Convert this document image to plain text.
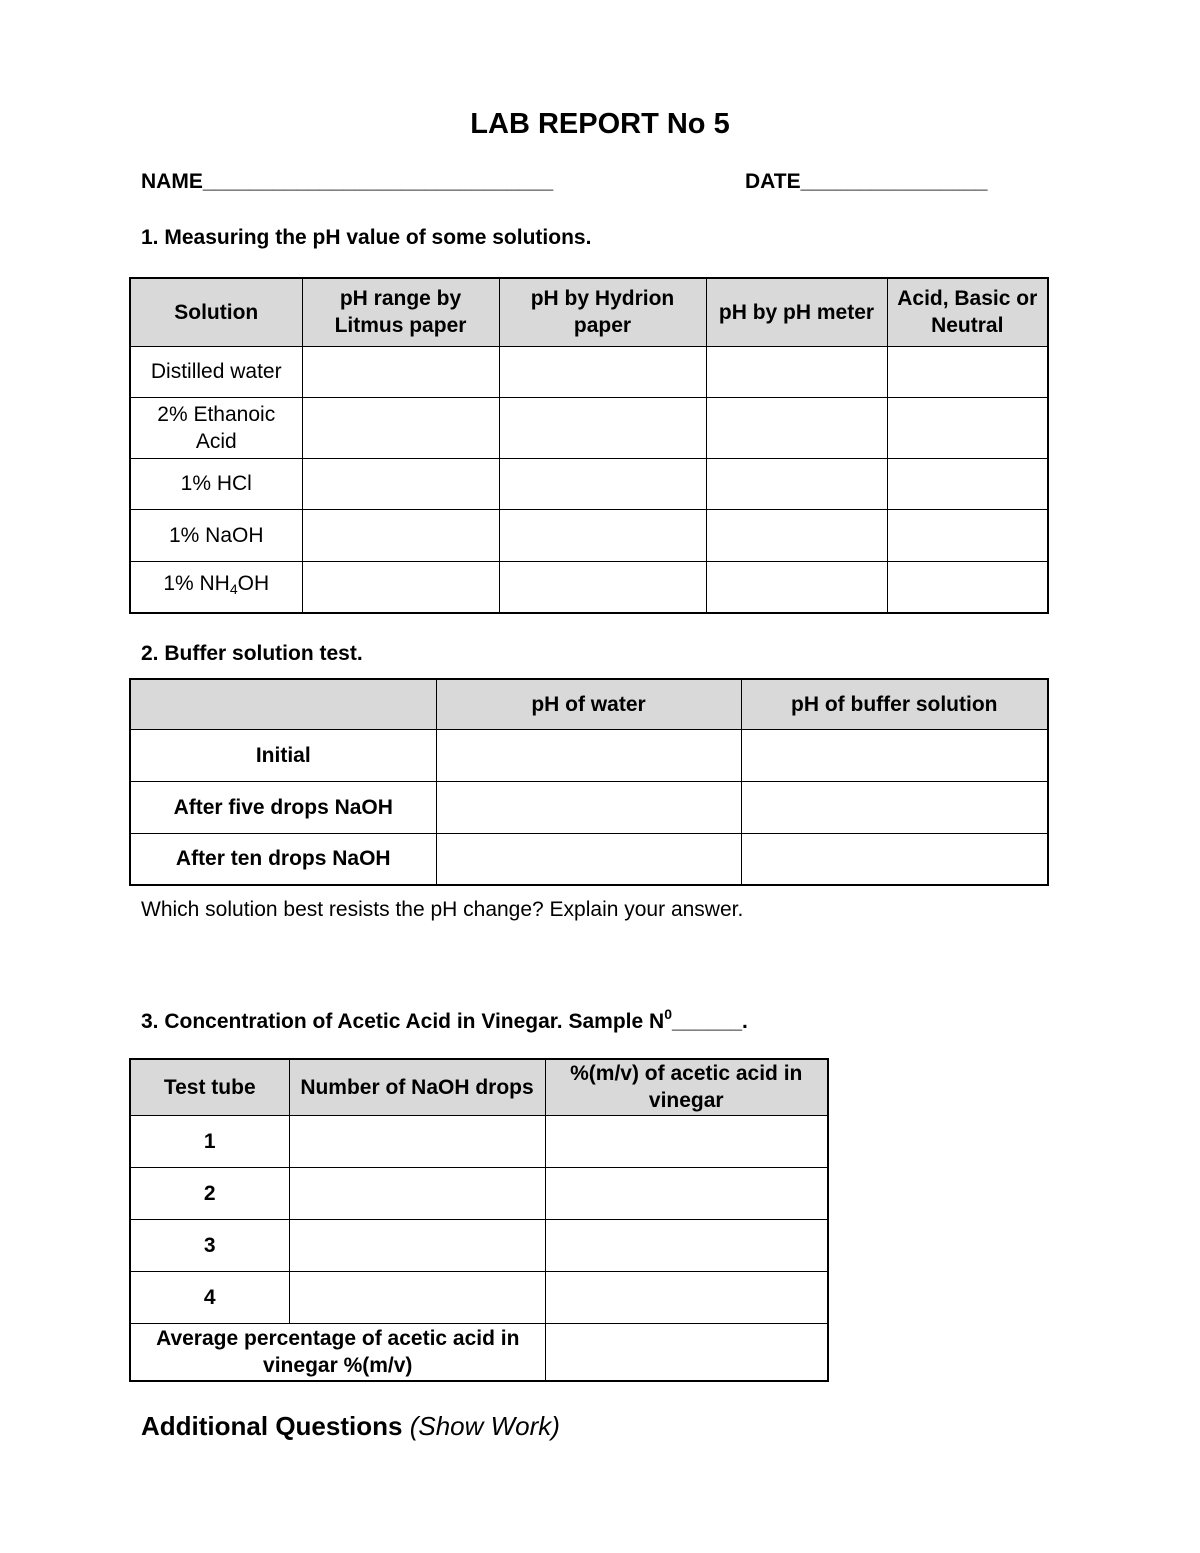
LAB REPORT No 5
NAME______________________________	DATE________________
1. Measuring the pH value of some solutions.
Solution	pH range by Litmus paper	pH by Hydrion paper	pH by pH meter	Acid, Basic or Neutral
Distilled water				
2% Ethanoic Acid				
1% HCl				
1% NaOH				
1% $NH_4OH$				
2. Buffer solution test.
	pH of water	pH of buffer solution
Initial		
After five drops NaOH		
After ten drops NaOH		
Which solution best resists the pH change? Explain your answer.
3. Concentration of Acetic Acid in Vinegar. Sample $N^0\_\_\_\_\_\_$.
Test tube	Number of NaOH drops	%(m/v) of acetic acid in vinegar
1		
2		
3		
4		
Average percentage of acetic acid in vinegar %(m/v)		
Additional Questions (Show Work)
